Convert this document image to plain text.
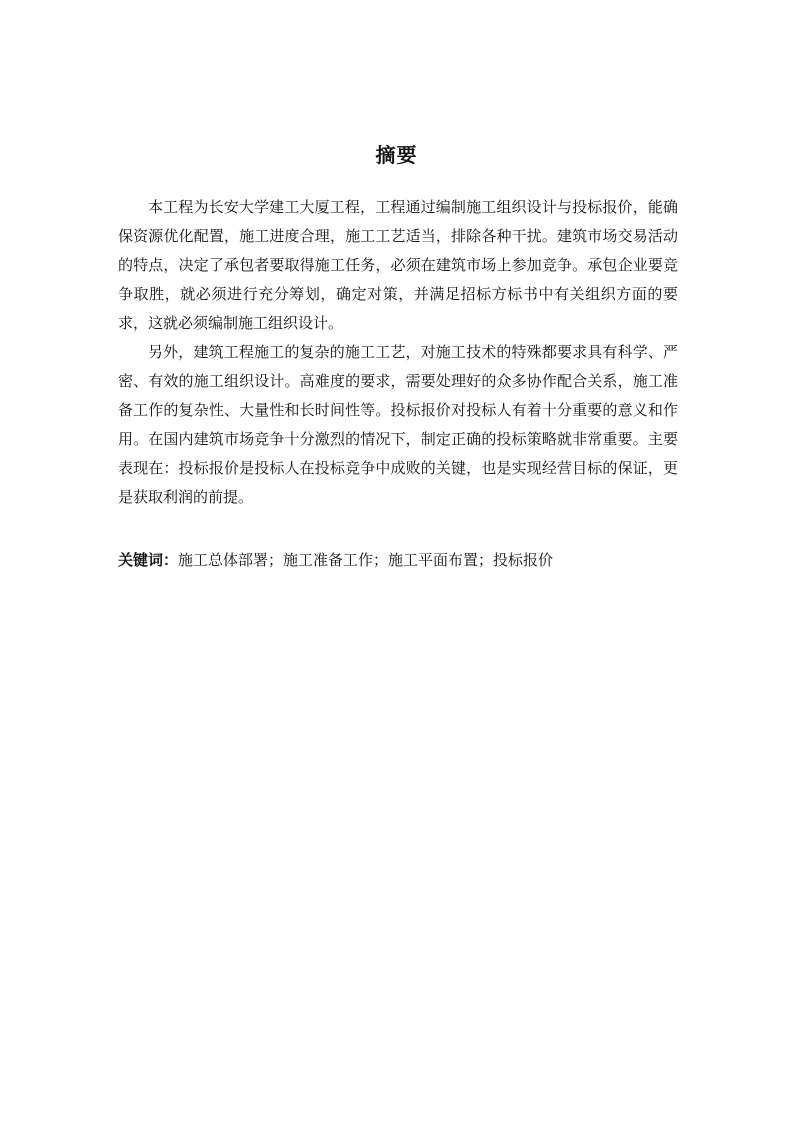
摘要

本工程为长安大学建工大厦工程，工程通过编制施工组织设计与投标报价，能确保资源优化配置，施工进度合理，施工工艺适当，排除各种干扰。建筑市场交易活动的特点，决定了承包者要取得施工任务，必须在建筑市场上参加竞争。承包企业要竞争取胜，就必须进行充分筹划，确定对策，并满足招标方标书中有关组织方面的要求，这就必须编制施工组织设计。

另外，建筑工程施工的复杂的施工工艺，对施工技术的特殊都要求具有科学、严密、有效的施工组织设计。高难度的要求，需要处理好的众多协作配合关系，施工准备工作的复杂性、大量性和长时间性等。投标报价对投标人有着十分重要的意义和作用。在国内建筑市场竞争十分激烈的情况下，制定正确的投标策略就非常重要。主要表现在：投标报价是投标人在投标竞争中成败的关键，也是实现经营目标的保证，更是获取利润的前提。

关键词：施工总体部署；施工准备工作；施工平面布置；投标报价
